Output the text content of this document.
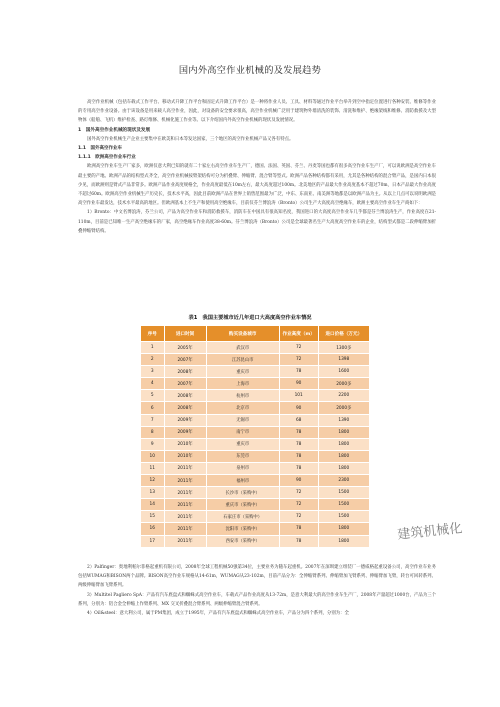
国内外高空作业机械的及发展趋势

高空作业机械（包括车载式工作平台、移动式升降工作平台和固定式升降工作平台）是一种将作业人员、工具、材料等通过作业平台举升到空中指定位置进行各种安装、维修等作业的专用高空作业设备。由于该设备是用来载人高空作业，因此，对设备的安全要求很高，高空作业机械广泛用于建筑物外墙清洗的装饰、清洗和维护、绝缘架线和维修、消防救援及大型物体（船舶、飞机）维护检查、路灯维修、机械化施工作业等。以下介绍国内外高空作业机械的现状及发展情况。

1　国外高空作业机械的现状及发展

国外高空作业机械生产企业主要集中在欧美和日本等发达国家，三个地区的高空作业机械产品又各有特点。

1.1　国外高空作业车

1.1.1　欧洲高空作业车行业

欧洲高空作业车生产厂家多，欧洲仅意大利已知的就有二十家左右高空作业车生产厂，德国、法国、英国、芬兰、丹麦等国也都有很多高空作业车生产厂，可以说欧洲是高空作业车最主要的产地。欧洲产品的结构型式齐全，高空作业机械按臂架结构可分为折叠臂、伸缩臂、混合臂等型式。欧洲产品各种结构都有采用，尤其是各种结构的混合臂产品，是国内日本很少见，而欧洲则是臂式产品非常多。欧洲产品作业高度规格全，作业高度最低在10m左右，最大高度超过100m。北美地区的产品最大作业高度基本不超过70m，日本产品最大作业高度不超过60m。欧洲高空作业机械生产历史长，技术水平高，因此目前欧洲产品在世界上销售范围最为广泛，中东、东南亚、南美洲等地都是以欧洲产品为主。从以上几点可以说明欧洲是高空作业车最发达，技术水平最高的地区。但欧洲基本上不生产和使用高空绝缘车，目前仅芬兰博浪涛（Bronto）公司生产大高度高空绝缘车，欧洲主要高空作业车生产商如下：

1）Bronto：中文名博浪涛，芬兰公司，产品为高空作业车和消防救援车，消防车在中国具有很高知名度，我国进口的大高度高空作业车几乎都是芬兰博浪涛生产，作业高度在21-110m，目前是已知唯一生产高空绝缘车的厂家，高空绝缘车作业高度38-60m。芬兰博浪涛（Bronto）公司是全球最著名生产大高度高空作业车的企业，结构型式都是二段伸缩臂加折叠伸缩臂结构。

表1　我国主要城市近几年进口大高度高空作业车情况
序号	进口时间	购买设备城市	作业高度（m）	进口价格（万元）
1	2005年	武汉市	72	1300多
2	2007年	江苏昆山市	72	1398
3	2008年	重庆市	78	1600
4	2007年	上海市	90	2000多
5	2008年	杭州市	101	2200
6	2008年	北京市	90	2000多
7	2009年	无锡市	68	1390
8	2009年	南宁市	78	1800
9	2010年	重庆市	78	1800
10	2010年	东莞市	78	1800
11	2011年	泉州市	78	1800
12	2011年	福州市	90	2300
13	2011年	长沙市（采购中）	72	1500
14	2011年	重庆市（采购中）	72	1500
15	2011年	石家庄市（采购中）	72	1500
16	2011年	沈阳市（采购中）	78	1800
17	2011年	西安市（采购中）	78	1800	建筑机械化

2）Palfinger：奥地利帕尔菲格起重机有限公司，2008年全球工程机械50强第34位，主要业务为随车起重机。2007年在深圳建立组装厂一德威格起重设备公司，高空作业车业务包括WUMAG和BISON两个品牌。BISON高空作业车规格从14-61m，WUMAG从23-102m，目前产品分为：全伸缩臂系列、伸缩臂加飞臂系列、伸缩臂加飞臂，转台可回转系列、两级伸缩臂加飞臂系列。

3）Multitel Pagliero SpA：产品有汽车底盘式和蜘蛛式高空作业车，车载式产品作业高度从13-72m，是意大利最大的高空作业车生产厂，2008年产量超过1000台，产品为三个系列，分别为：铝合金全伸缩上作臂系列、MX 交叉折叠混合臂系列、两级伸缩臂混合臂系列。

4）Oil&steel：意大利公司，属于PM集团，成立于1995年，产品有汽车底盘式和蜘蛛式高空作业车，产品分为四个系列，分别为：全
